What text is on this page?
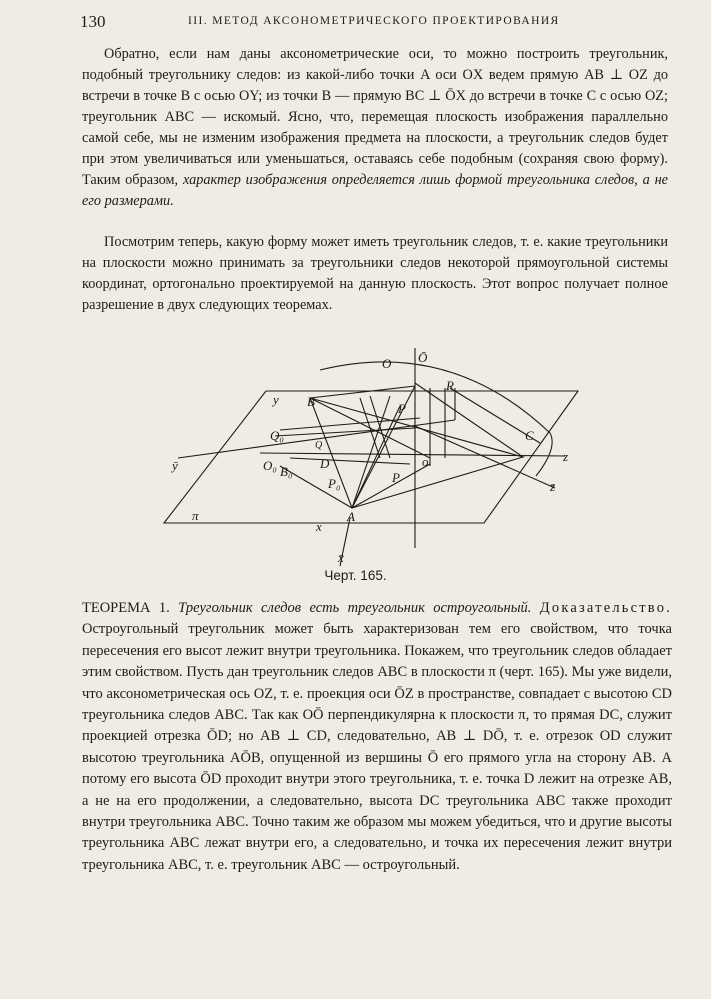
130	III. МЕТОД АКСОНОМЕТРИЧЕСКОГО ПРОЕКТИРОВАНИЯ

Обратно, если нам даны аксонометрические оси, то можно построить треугольник, подобный треугольнику следов: из какой-либо точки A оси OX ведем прямую AB ⊥ OZ до встречи в точке B с осью OY; из точки B — прямую BC ⊥ ŌX до встречи в точке C с осью OZ; треугольник ABC — искомый. Ясно, что, перемещая плоскость изображения параллельно самой себе, мы не изменим изображения предмета на плоскости, а треугольник следов будет при этом увеличиваться или уменьшаться, оставаясь себе подобным (сохраняя свою форму). Таким образом, характер изображения определяется лишь формой треугольника следов, а не его размерами.

Посмотрим теперь, какую форму может иметь треугольник следов, т. е. какие треугольники на плоскости можно принимать за треугольники следов некоторой прямоугольной системы координат, ортогонально проектируемой на данную плоскость. Этот вопрос получает полное разрешение в двух следующих теоремах.

O Ō
R
y B	P
Q₀
Q
C
ȳ	O₀	D	o	z
B₀	P
P₀	z̄
A
π
x
x̄
Черт. 165.

ТЕОРЕМА 1. Треугольник следов есть треугольник остроугольный. Доказательство. Остроугольный треугольник может быть характеризован тем его свойством, что точка пересечения его высот лежит внутри треугольника. Покажем, что треугольник следов обладает этим свойством. Пусть дан треугольник следов ABC в плоскости π (черт. 165). Мы уже видели, что аксонометрическая ось OZ, т. е. проекция оси ŌZ в пространстве, совпадает с высотою CD треугольника следов ABC. Так как OŌ перпендикулярна к плоскости π, то прямая DC, служит проекцией отрезка ŌD; но AB ⊥ CD, следовательно, AB ⊥ DŌ, т. е. отрезок OD служит высотою треугольника AŌB, опущенной из вершины Ō его прямого угла на сторону AB. А потому его высота ŌD проходит внутри этого треугольника, т. е. точка D лежит на отрезке AB, а не на его продолжении, а следовательно, высота DC треугольника ABC также проходит внутри треугольника ABC. Точно таким же образом мы можем убедиться, что и другие высоты треугольника ABC лежат внутри его, а следовательно, и точка их пересечения лежит внутри треугольника ABC, т. е. треугольник ABC — остроугольный.
